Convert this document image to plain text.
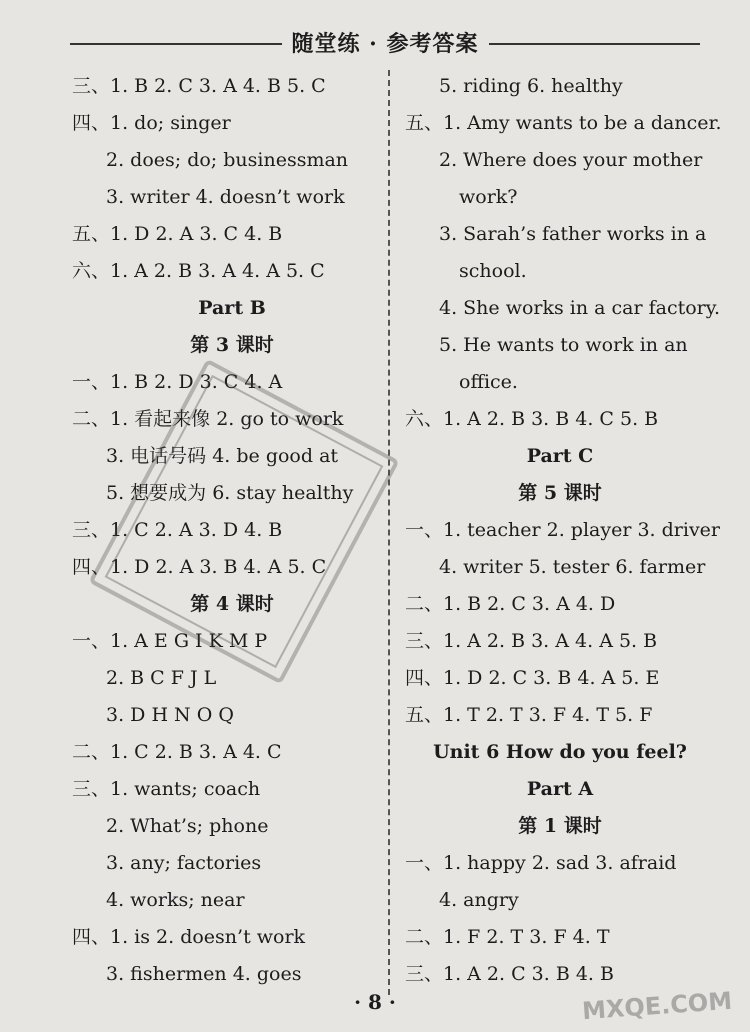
随堂练 · 参考答案
三、1. B 2. C 3. A 4. B 5. C
四、1. do; singer
2. does; do; businessman
3. writer 4. doesn’t work
五、1. D 2. A 3. C 4. B
六、1. A 2. B 3. A 4. A 5. C
Part B
第 3 课时
一、1. B 2. D 3. C 4. A
二、1. 看起来像 2. go to work
3. 电话号码 4. be good at
5. 想要成为 6. stay healthy
三、1. C 2. A 3. D 4. B
四、1. D 2. A 3. B 4. A 5. C
第 4 课时
一、1. A E G I K M P
2. B C F J L
3. D H N O Q
二、1. C 2. B 3. A 4. C
三、1. wants; coach
2. What’s; phone
3. any; factories
4. works; near
四、1. is 2. doesn’t work
3. fishermen 4. goes
5. riding 6. healthy
五、1. Amy wants to be a dancer.
2. Where does your mother
work?
3. Sarah’s father works in a
school.
4. She works in a car factory.
5. He wants to work in an
office.
六、1. A 2. B 3. B 4. C 5. B
Part C
第 5 课时
一、1. teacher 2. player 3. driver
4. writer 5. tester 6. farmer
二、1. B 2. C 3. A 4. D
三、1. A 2. B 3. A 4. A 5. B
四、1. D 2. C 3. B 4. A 5. E
五、1. T 2. T 3. F 4. T 5. F
Unit 6 How do you feel?
Part A
第 1 课时
一、1. happy 2. sad 3. afraid
4. angry
二、1. F 2. T 3. F 4. T
三、1. A 2. C 3. B 4. B
· 8 ·	MXQE.COM
